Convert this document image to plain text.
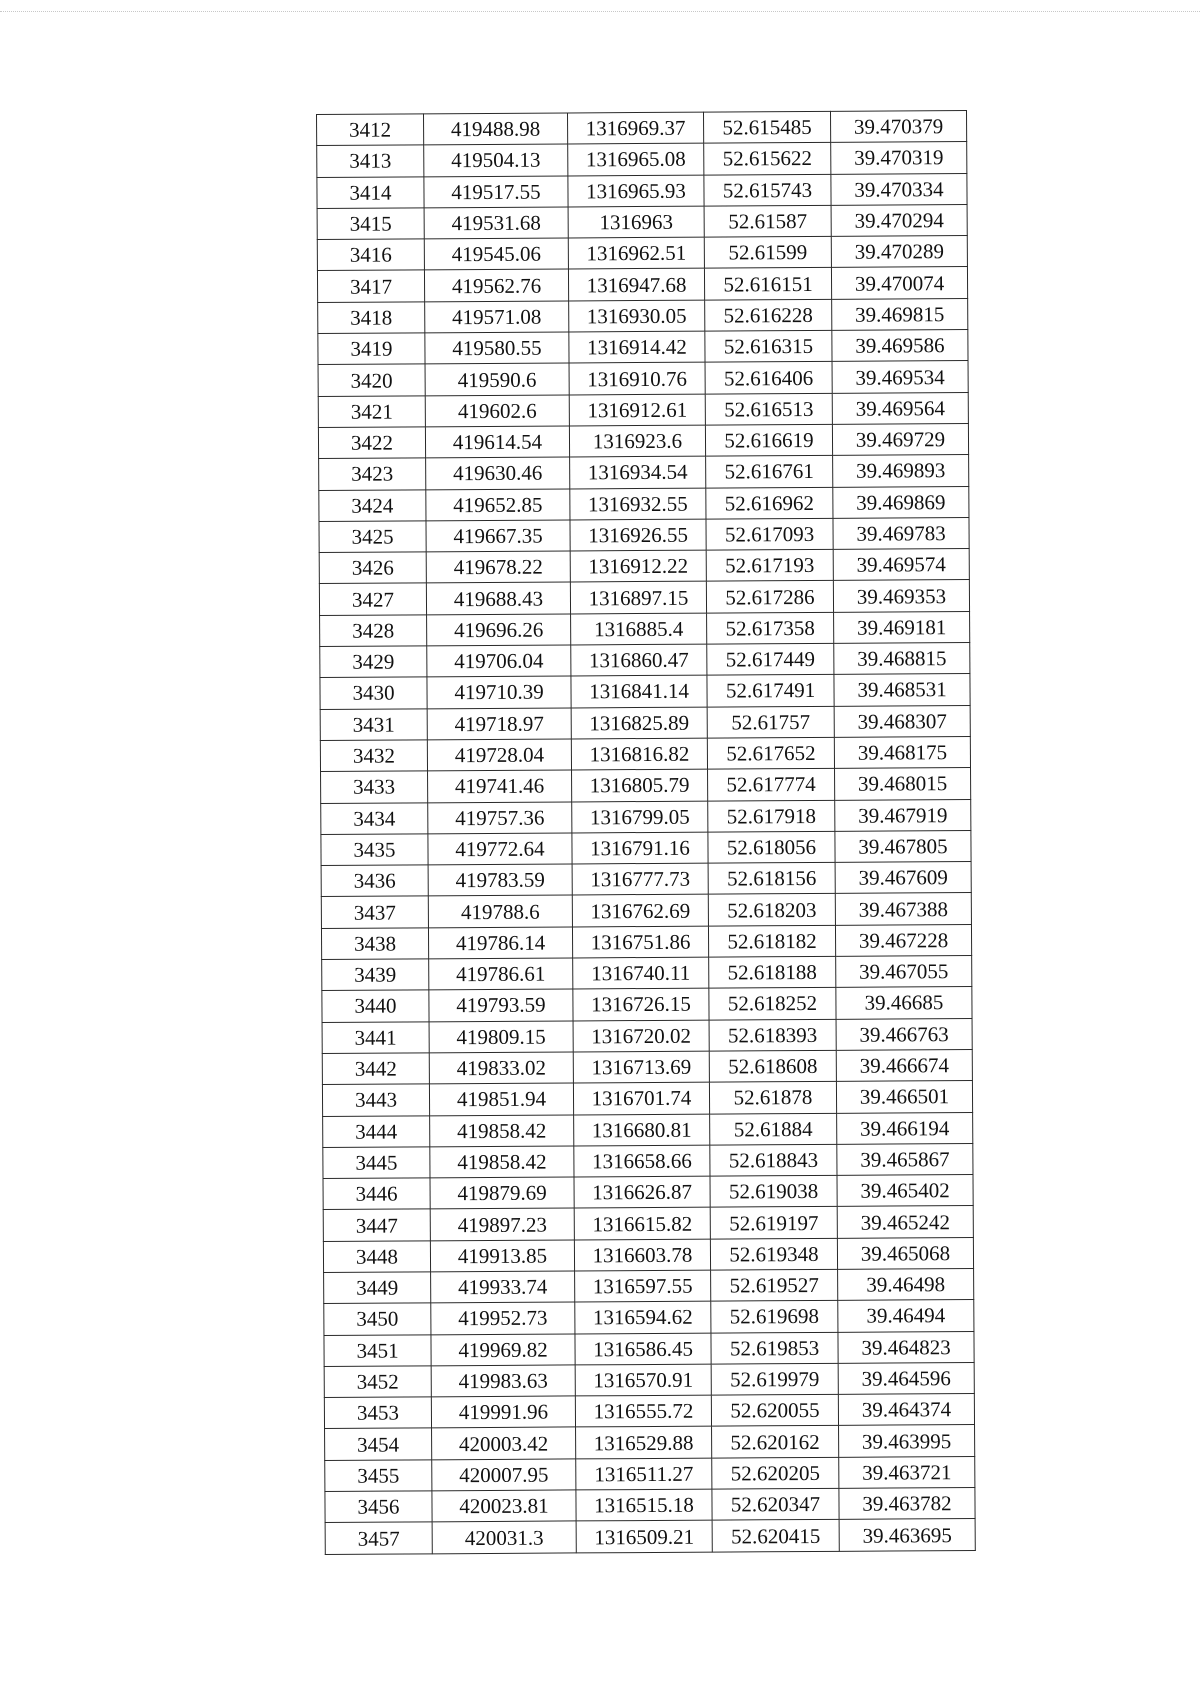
3412	419488.98	1316969.37	52.615485	39.470379
3413	419504.13	1316965.08	52.615622	39.470319
3414	419517.55	1316965.93	52.615743	39.470334
3415	419531.68	1316963	52.61587	39.470294
3416	419545.06	1316962.51	52.61599	39.470289
3417	419562.76	1316947.68	52.616151	39.470074
3418	419571.08	1316930.05	52.616228	39.469815
3419	419580.55	1316914.42	52.616315	39.469586
3420	419590.6	1316910.76	52.616406	39.469534
3421	419602.6	1316912.61	52.616513	39.469564
3422	419614.54	1316923.6	52.616619	39.469729
3423	419630.46	1316934.54	52.616761	39.469893
3424	419652.85	1316932.55	52.616962	39.469869
3425	419667.35	1316926.55	52.617093	39.469783
3426	419678.22	1316912.22	52.617193	39.469574
3427	419688.43	1316897.15	52.617286	39.469353
3428	419696.26	1316885.4	52.617358	39.469181
3429	419706.04	1316860.47	52.617449	39.468815
3430	419710.39	1316841.14	52.617491	39.468531
3431	419718.97	1316825.89	52.61757	39.468307
3432	419728.04	1316816.82	52.617652	39.468175
3433	419741.46	1316805.79	52.617774	39.468015
3434	419757.36	1316799.05	52.617918	39.467919
3435	419772.64	1316791.16	52.618056	39.467805
3436	419783.59	1316777.73	52.618156	39.467609
3437	419788.6	1316762.69	52.618203	39.467388
3438	419786.14	1316751.86	52.618182	39.467228
3439	419786.61	1316740.11	52.618188	39.467055
3440	419793.59	1316726.15	52.618252	39.46685
3441	419809.15	1316720.02	52.618393	39.466763
3442	419833.02	1316713.69	52.618608	39.466674
3443	419851.94	1316701.74	52.61878	39.466501
3444	419858.42	1316680.81	52.61884	39.466194
3445	419858.42	1316658.66	52.618843	39.465867
3446	419879.69	1316626.87	52.619038	39.465402
3447	419897.23	1316615.82	52.619197	39.465242
3448	419913.85	1316603.78	52.619348	39.465068
3449	419933.74	1316597.55	52.619527	39.46498
3450	419952.73	1316594.62	52.619698	39.46494
3451	419969.82	1316586.45	52.619853	39.464823
3452	419983.63	1316570.91	52.619979	39.464596
3453	419991.96	1316555.72	52.620055	39.464374
3454	420003.42	1316529.88	52.620162	39.463995
3455	420007.95	1316511.27	52.620205	39.463721
3456	420023.81	1316515.18	52.620347	39.463782
3457	420031.3	1316509.21	52.620415	39.463695
